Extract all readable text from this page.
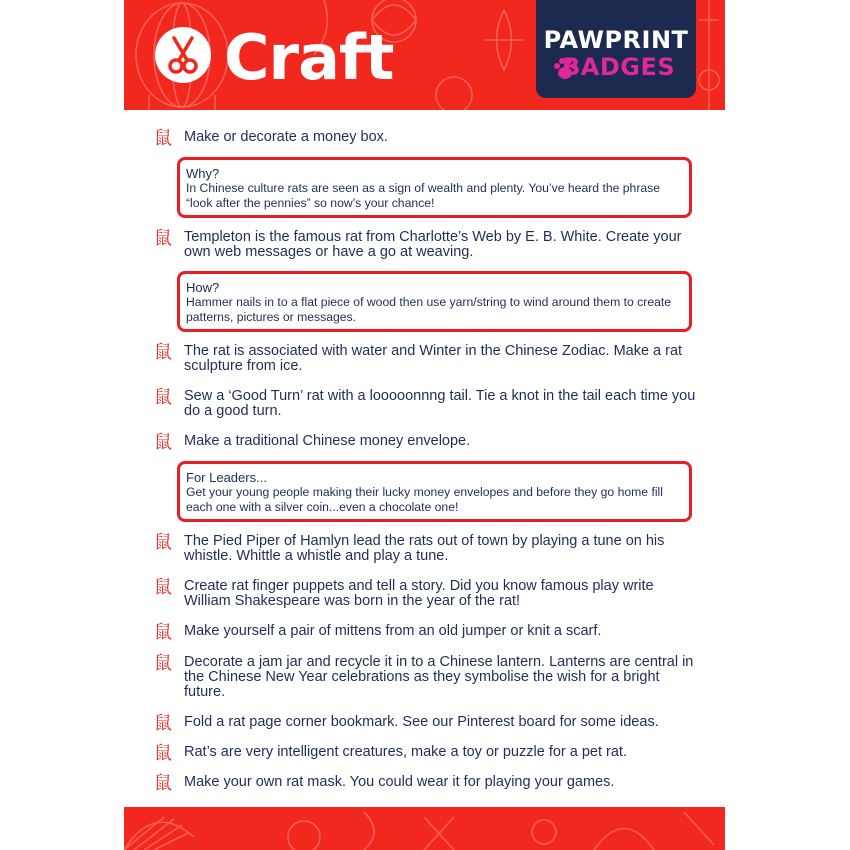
Craft	PAWPRINT
BADGES
鼠 Make or decorate a money box.
Why?
In Chinese culture rats are seen as a sign of wealth and plenty. You’ve heard the phrase “look after the pennies” so now’s your chance!
鼠 Templeton is the famous rat from Charlotte’s Web by E. B. White. Create your own web messages or have a go at weaving.
How?
Hammer nails in to a flat piece of wood then use yarn/string to wind around them to create patterns, pictures or messages.
鼠 The rat is associated with water and Winter in the Chinese Zodiac. Make a rat sculpture from ice.
鼠 Sew a ‘Good Turn’ rat with a looooonnng tail. Tie a knot in the tail each time you do a good turn.
鼠 Make a traditional Chinese money envelope.
For Leaders...
Get your young people making their lucky money envelopes and before they go home fill each one with a silver coin...even a chocolate one!
鼠 The Pied Piper of Hamlyn lead the rats out of town by playing a tune on his whistle. Whittle a whistle and play a tune.
鼠 Create rat finger puppets and tell a story. Did you know famous play write William Shakespeare was born in the year of the rat!
鼠 Make yourself a pair of mittens from an old jumper or knit a scarf.
鼠 Decorate a jam jar and recycle it in to a Chinese lantern. Lanterns are central in the Chinese New Year celebrations as they symbolise the wish for a bright future.
鼠 Fold a rat page corner bookmark. See our Pinterest board for some ideas.
鼠 Rat’s are very intelligent creatures, make a toy or puzzle for a pet rat.
鼠 Make your own rat mask. You could wear it for playing your games.
